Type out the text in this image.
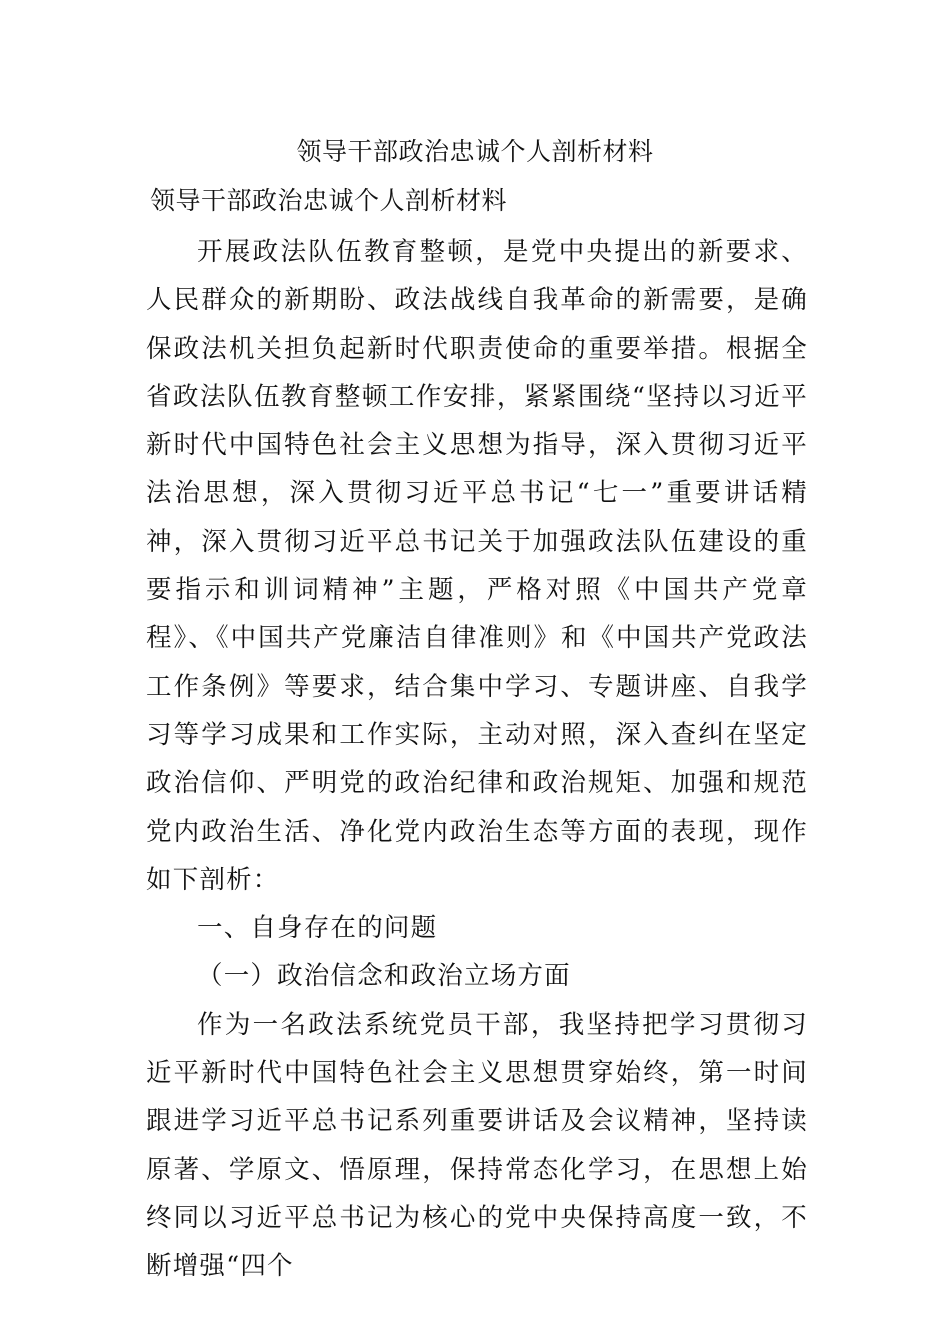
领导干部政治忠诚个人剖析材料
领导干部政治忠诚个人剖析材料

开展政法队伍教育整顿，是党中央提出的新要求、人民群众的新期盼、政法战线自我革命的新需要，是确保政法机关担负起新时代职责使命的重要举措。根据全省政法队伍教育整顿工作安排，紧紧围绕“坚持以习近平新时代中国特色社会主义思想为指导，深入贯彻习近平法治思想，深入贯彻习近平总书记“七一”重要讲话精神，深入贯彻习近平总书记关于加强政法队伍建设的重要指示和训词精神”主题，严格对照《中国共产党章程》、《中国共产党廉洁自律准则》和《中国共产党政法工作条例》等要求，结合集中学习、专题讲座、自我学习等学习成果和工作实际，主动对照，深入查纠在坚定政治信仰、严明党的政治纪律和政治规矩、加强和规范党内政治生活、净化党内政治生态等方面的表现，现作如下剖析：

一、自身存在的问题

（一）政治信念和政治立场方面

作为一名政法系统党员干部，我坚持把学习贯彻习近平新时代中国特色社会主义思想贯穿始终，第一时间跟进学习近平总书记系列重要讲话及会议精神，坚持读原著、学原文、悟原理，保持常态化学习，在思想上始终同以习近平总书记为核心的党中央保持高度一致，不断增强“四个
